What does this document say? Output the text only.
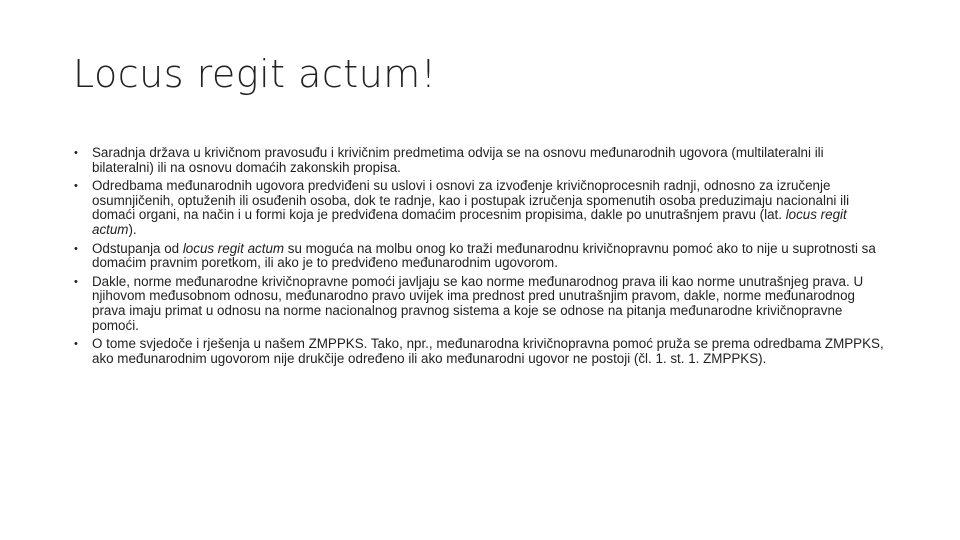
Locus regit actum!
• Saradnja država u krivičnom pravosuđu i krivičnim predmetima odvija se na osnovu međunarodnih ugovora (multilateralni ili bilateralni) ili na osnovu domaćih zakonskih propisa.
• Odredbama međunarodnih ugovora predviđeni su uslovi i osnovi za izvođenje krivičnoprocesnih radnji, odnosno za izručenje osumnjičenih, optuženih ili osuđenih osoba, dok te radnje, kao i postupak izručenja spomenutih osoba preduzimaju nacionalni ili domaći organi, na način i u formi koja je predviđena domaćim procesnim propisima, dakle po unutrašnjem pravu (lat. locus regit actum).
• Odstupanja od locus regit actum su moguća na molbu onog ko traži međunarodnu krivičnopravnu pomoć ako to nije u suprotnosti sa domaćim pravnim poretkom, ili ako je to predviđeno međunarodnim ugovorom.
• Dakle, norme međunarodne krivičnopravne pomoći javljaju se kao norme međunarodnog prava ili kao norme unutrašnjeg prava. U njihovom međusobnom odnosu, međunarodno pravo uvijek ima prednost pred unutrašnjim pravom, dakle, norme međunarodnog prava imaju primat u odnosu na norme nacionalnog pravnog sistema a koje se odnose na pitanja međunarodne krivičnopravne pomoći.
• O tome svjedoče i rješenja u našem ZMPPKS. Tako, npr., međunarodna krivičnopravna pomoć pruža se prema odredbama ZMPPKS, ako međunarodnim ugovorom nije drukčije određeno ili ako međunarodni ugovor ne postoji (čl. 1. st. 1. ZMPPKS).
